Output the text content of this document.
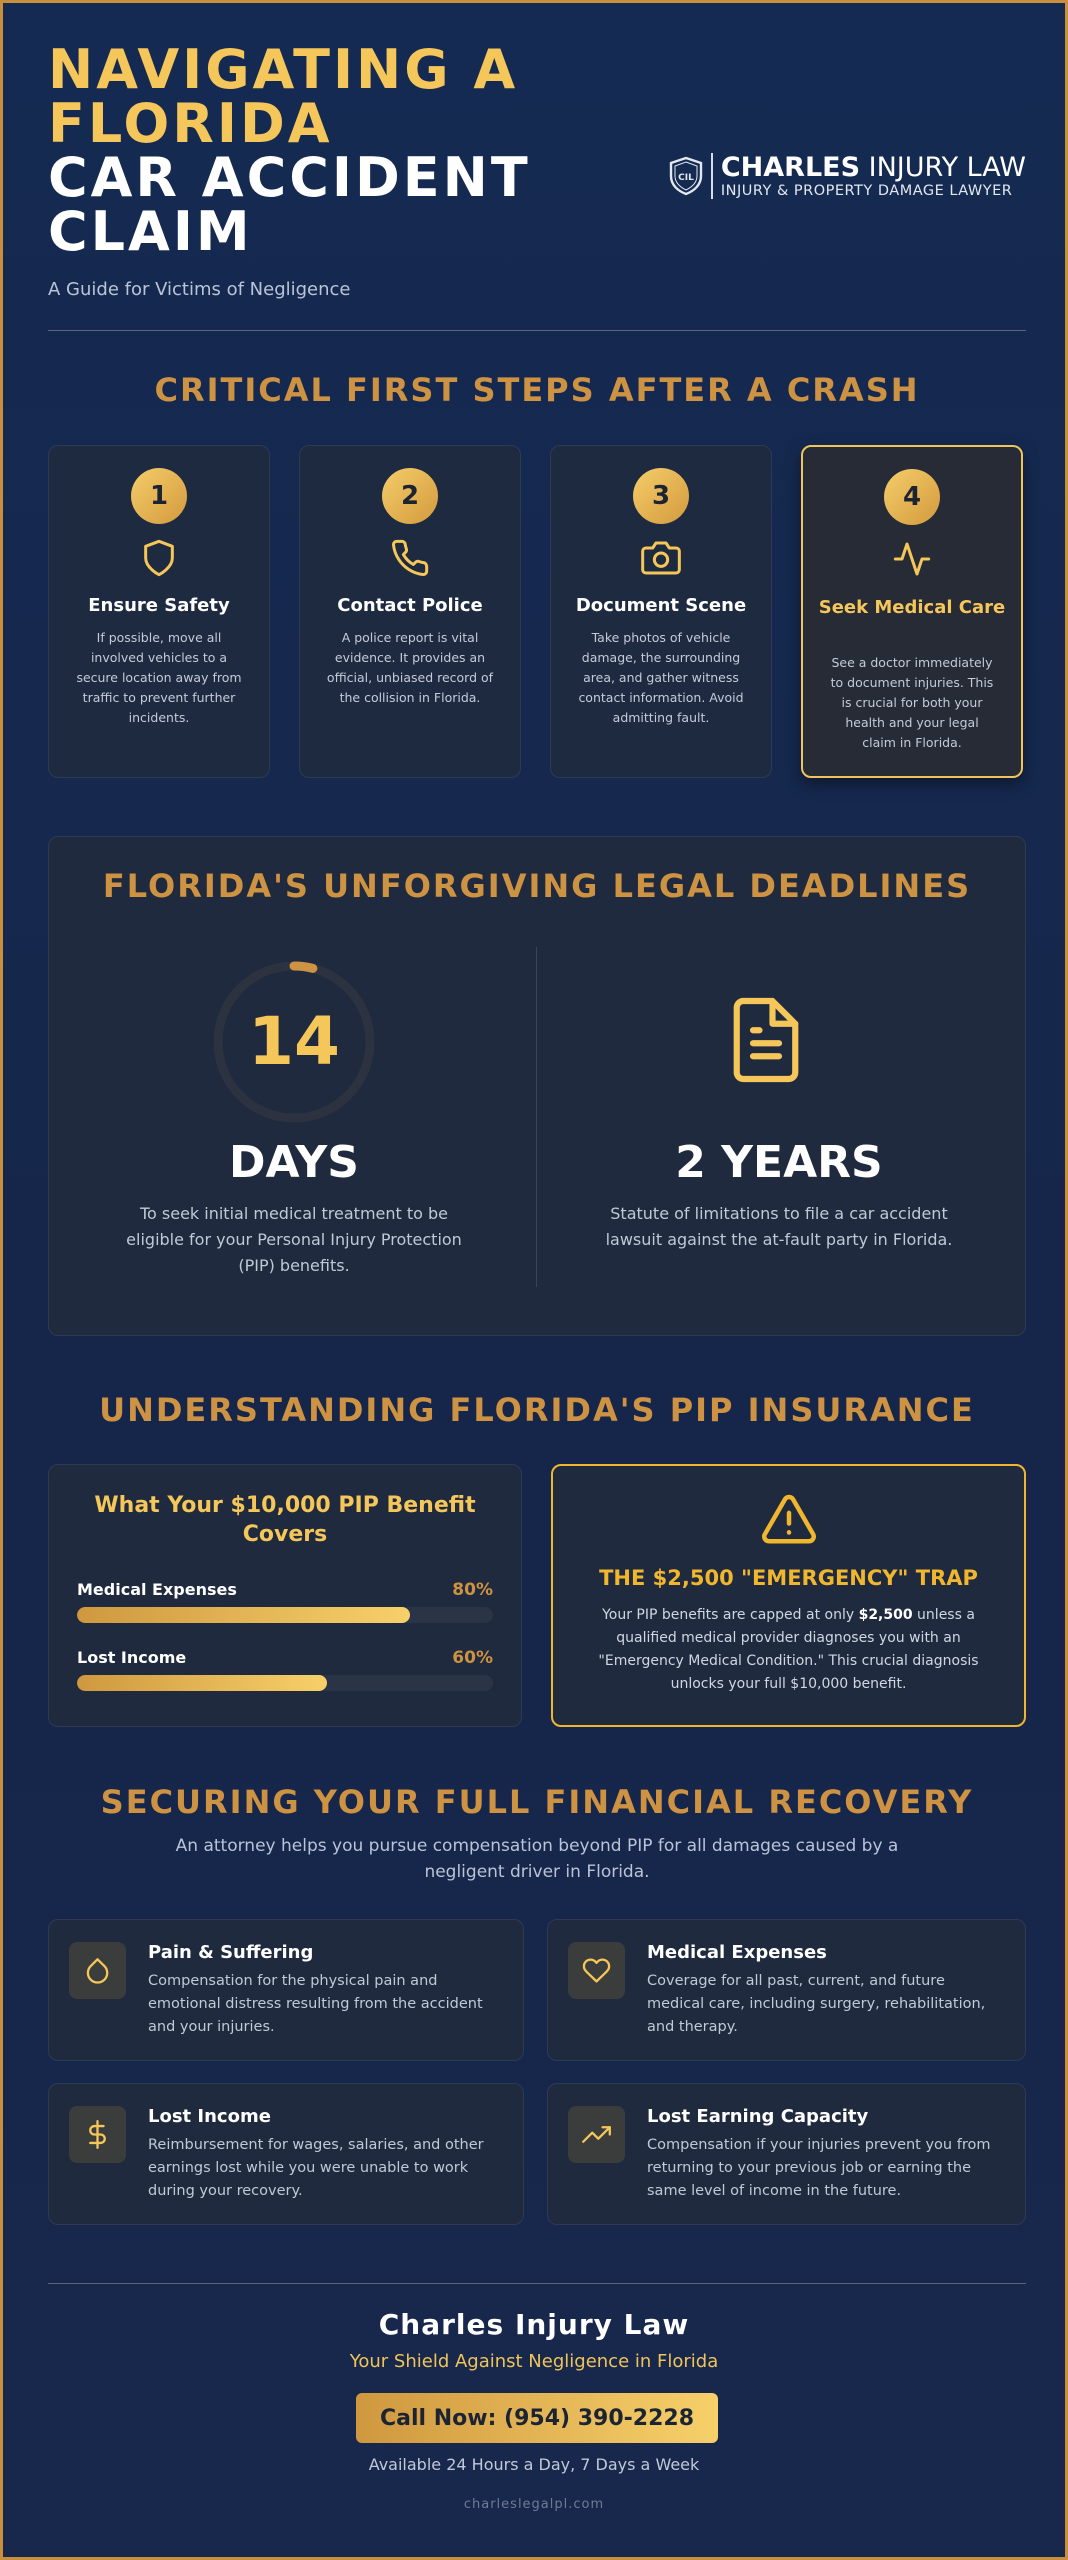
NAVIGATING A
FLORIDA
CAR ACCIDENT
CLAIM
A Guide for Victims of Negligence
CIL CHARLES INJURY LAW
INJURY & PROPERTY DAMAGE LAWYER
CRITICAL FIRST STEPS AFTER A CRASH
1
Ensure Safety
If possible, move all involved vehicles to a secure location away from traffic to prevent further incidents.
2
Contact Police
A police report is vital evidence. It provides an official, unbiased record of the collision in Florida.
3
Document Scene
Take photos of vehicle damage, the surrounding area, and gather witness contact information. Avoid admitting fault.
4
Seek Medical Care
See a doctor immediately to document injuries. This is crucial for both your health and your legal claim in Florida.
FLORIDA'S UNFORGIVING LEGAL DEADLINES
14
DAYS
To seek initial medical treatment to be eligible for your Personal Injury Protection (PIP) benefits.
2 YEARS
Statute of limitations to file a car accident lawsuit against the at-fault party in Florida.
UNDERSTANDING FLORIDA'S PIP INSURANCE
What Your $10,000 PIP Benefit Covers
Medical Expenses	80%
Lost Income	60%
THE $2,500 "EMERGENCY" TRAP
Your PIP benefits are capped at only $2,500 unless a qualified medical provider diagnoses you with an "Emergency Medical Condition." This crucial diagnosis unlocks your full $10,000 benefit.
SECURING YOUR FULL FINANCIAL RECOVERY
An attorney helps you pursue compensation beyond PIP for all damages caused by a negligent driver in Florida.
Pain & Suffering
Compensation for the physical pain and emotional distress resulting from the accident and your injuries.
Medical Expenses
Coverage for all past, current, and future medical care, including surgery, rehabilitation, and therapy.
Lost Income
Reimbursement for wages, salaries, and other earnings lost while you were unable to work during your recovery.
Lost Earning Capacity
Compensation if your injuries prevent you from returning to your previous job or earning the same level of income in the future.
Charles Injury Law
Your Shield Against Negligence in Florida
Call Now: (954) 390-2228
Available 24 Hours a Day, 7 Days a Week
charleslegalpl.com
